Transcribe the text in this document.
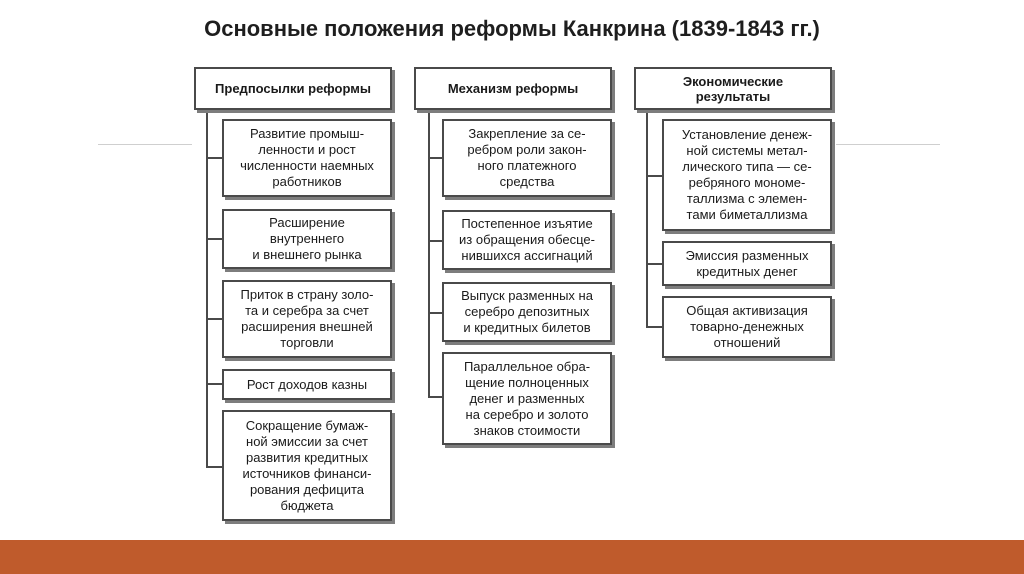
Основные положения реформы Канкрина (1839-1843 гг.)
Предпосылки реформы
Развитие промыш-
ленности и рост
численности наемных
работников
Расширение
внутреннего
и внешнего рынка
Приток в страну золо-
та и серебра за счет
расширения внешней
торговли
Рост доходов казны
Сокращение бумаж-
ной эмиссии за счет
развития кредитных
источников финанси-
рования дефицита
бюджета
Механизм реформы
Закрепление за се-
ребром роли закон-
ного платежного
средства
Постепенное изъятие
из обращения обесце-
нившихся ассигнаций
Выпуск разменных на
серебро депозитных
и кредитных билетов
Параллельное обра-
щение полноценных
денег и разменных
на серебро и золото
знаков стоимости
Экономические
результаты
Установление денеж-
ной системы метал-
лического типа — се-
ребряного мономе-
таллизма с элемен-
тами биметаллизма
Эмиссия разменных
кредитных денег
Общая активизация
товарно-денежных
отношений
